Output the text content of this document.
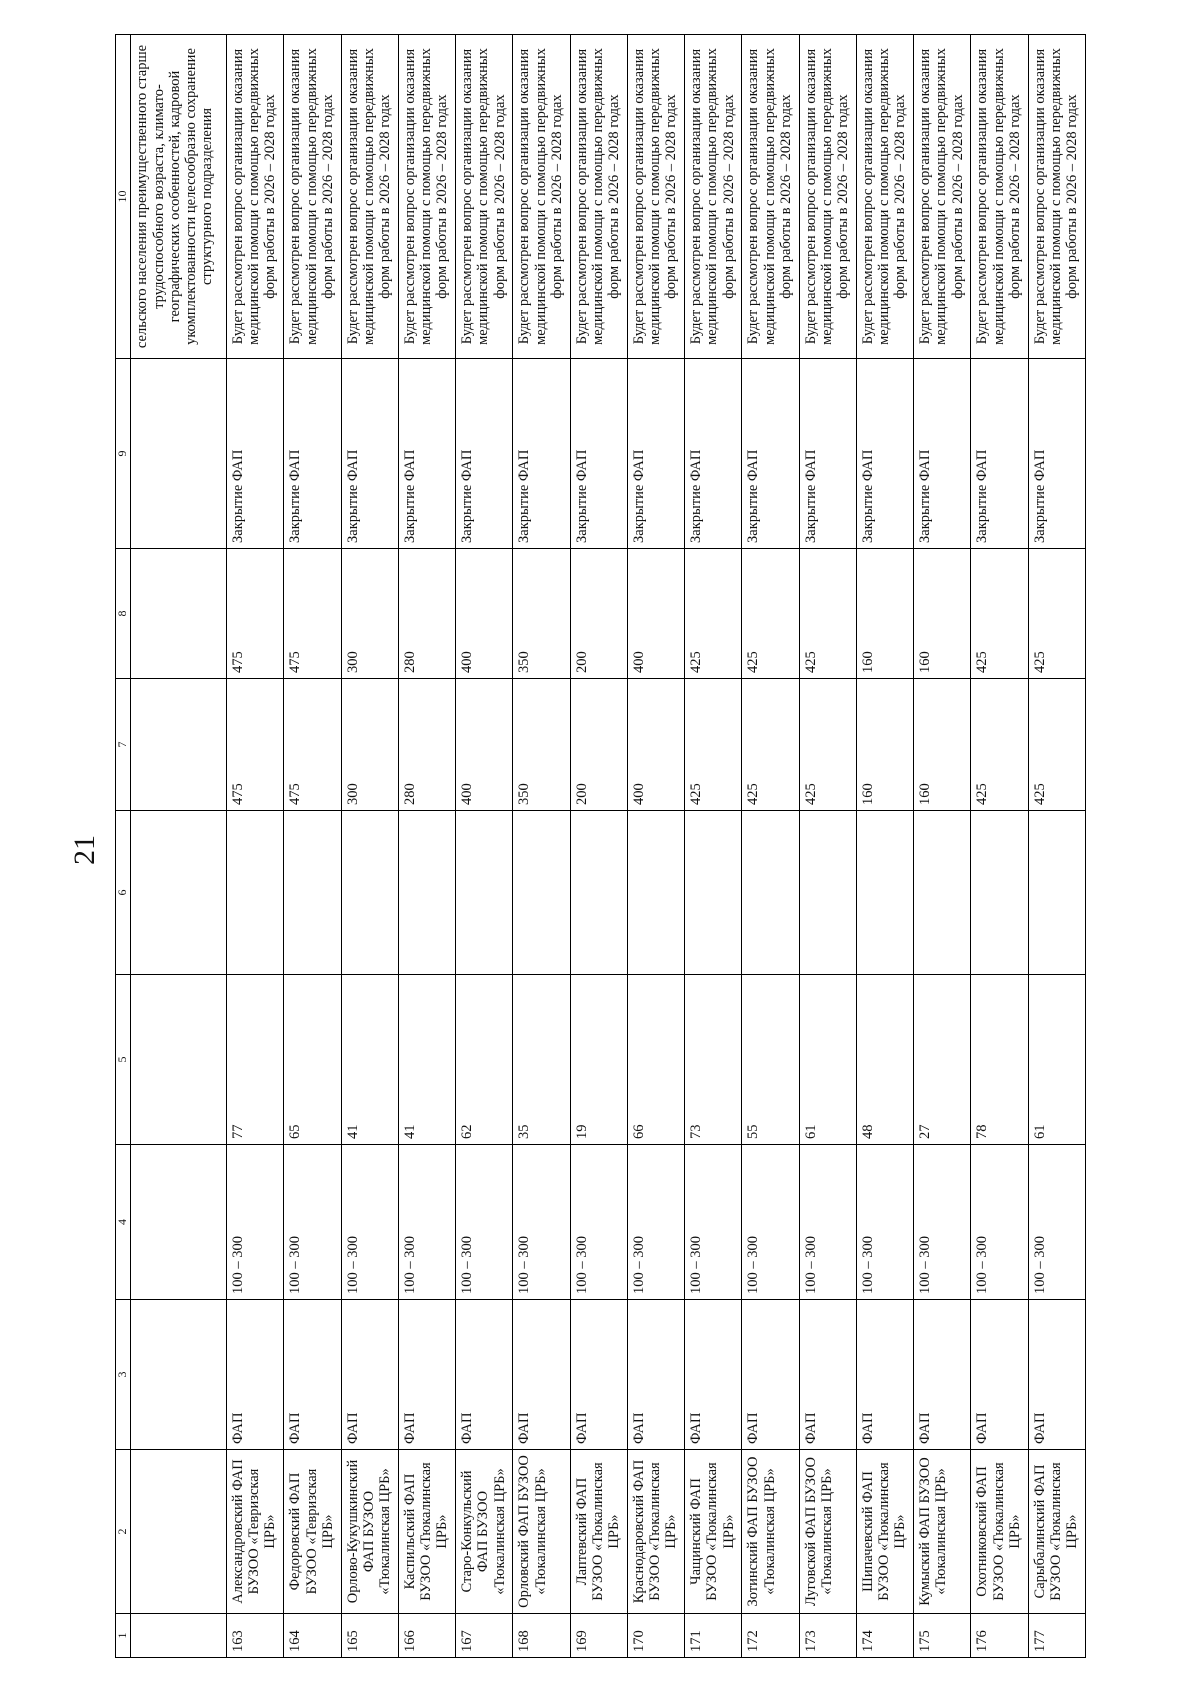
21
1	2	3	4	5	6	7	8	9	10
									сельского населения преимущественного старше трудоспособного возраста, климато-географических особенностей, кадровой укомплектованности целесообразно сохранение структурного подразделения
163	Александровский ФАП БУЗОО «Тевризская ЦРБ»	ФАП	100 – 300	77		475	475	Закрытие ФАП	Будет рассмотрен вопрос организации оказания медицинской помощи с помощью передвижных форм работы в 2026 – 2028 годах
164	Федоровский ФАП БУЗОО «Тевризская ЦРБ»	ФАП	100 – 300	65		475	475	Закрытие ФАП	Будет рассмотрен вопрос организации оказания медицинской помощи с помощью передвижных форм работы в 2026 – 2028 годах
165	Орлово-Кукушкинский ФАП БУЗОО «Тюкалинская ЦРБ»	ФАП	100 – 300	41		300	300	Закрытие ФАП	Будет рассмотрен вопрос организации оказания медицинской помощи с помощью передвижных форм работы в 2026 – 2028 годах
166	Каспильский ФАП БУЗОО «Тюкалинская ЦРБ»	ФАП	100 – 300	41		280	280	Закрытие ФАП	Будет рассмотрен вопрос организации оказания медицинской помощи с помощью передвижных форм работы в 2026 – 2028 годах
167	Старо-Конкульский ФАП БУЗОО «Тюкалинская ЦРБ»	ФАП	100 – 300	62		400	400	Закрытие ФАП	Будет рассмотрен вопрос организации оказания медицинской помощи с помощью передвижных форм работы в 2026 – 2028 годах
168	Орловский ФАП БУЗОО «Тюкалинская ЦРБ»	ФАП	100 – 300	35		350	350	Закрытие ФАП	Будет рассмотрен вопрос организации оказания медицинской помощи с помощью передвижных форм работы в 2026 – 2028 годах
169	Лаптевский ФАП БУЗОО «Тюкалинская ЦРБ»	ФАП	100 – 300	19		200	200	Закрытие ФАП	Будет рассмотрен вопрос организации оказания медицинской помощи с помощью передвижных форм работы в 2026 – 2028 годах
170	Краснодаровский ФАП БУЗОО «Тюкалинская ЦРБ»	ФАП	100 – 300	66		400	400	Закрытие ФАП	Будет рассмотрен вопрос организации оказания медицинской помощи с помощью передвижных форм работы в 2026 – 2028 годах
171	Чащинский ФАП БУЗОО «Тюкалинская ЦРБ»	ФАП	100 – 300	73		425	425	Закрытие ФАП	Будет рассмотрен вопрос организации оказания медицинской помощи с помощью передвижных форм работы в 2026 – 2028 годах
172	Зотинский ФАП БУЗОО «Тюкалинская ЦРБ»	ФАП	100 – 300	55		425	425	Закрытие ФАП	Будет рассмотрен вопрос организации оказания медицинской помощи с помощью передвижных форм работы в 2026 – 2028 годах
173	Луговской ФАП БУЗОО «Тюкалинская ЦРБ»	ФАП	100 – 300	61		425	425	Закрытие ФАП	Будет рассмотрен вопрос организации оказания медицинской помощи с помощью передвижных форм работы в 2026 – 2028 годах
174	Шипачевский ФАП БУЗОО «Тюкалинская ЦРБ»	ФАП	100 – 300	48		160	160	Закрытие ФАП	Будет рассмотрен вопрос организации оказания медицинской помощи с помощью передвижных форм работы в 2026 – 2028 годах
175	Кумыский ФАП БУЗОО «Тюкалинская ЦРБ»	ФАП	100 – 300	27		160	160	Закрытие ФАП	Будет рассмотрен вопрос организации оказания медицинской помощи с помощью передвижных форм работы в 2026 – 2028 годах
176	Охотниковский ФАП БУЗОО «Тюкалинская ЦРБ»	ФАП	100 – 300	78		425	425	Закрытие ФАП	Будет рассмотрен вопрос организации оказания медицинской помощи с помощью передвижных форм работы в 2026 – 2028 годах
177	Сарыбалинский ФАП БУЗОО «Тюкалинская ЦРБ»	ФАП	100 – 300	61		425	425	Закрытие ФАП	Будет рассмотрен вопрос организации оказания медицинской помощи с помощью передвижных форм работы в 2026 – 2028 годах
